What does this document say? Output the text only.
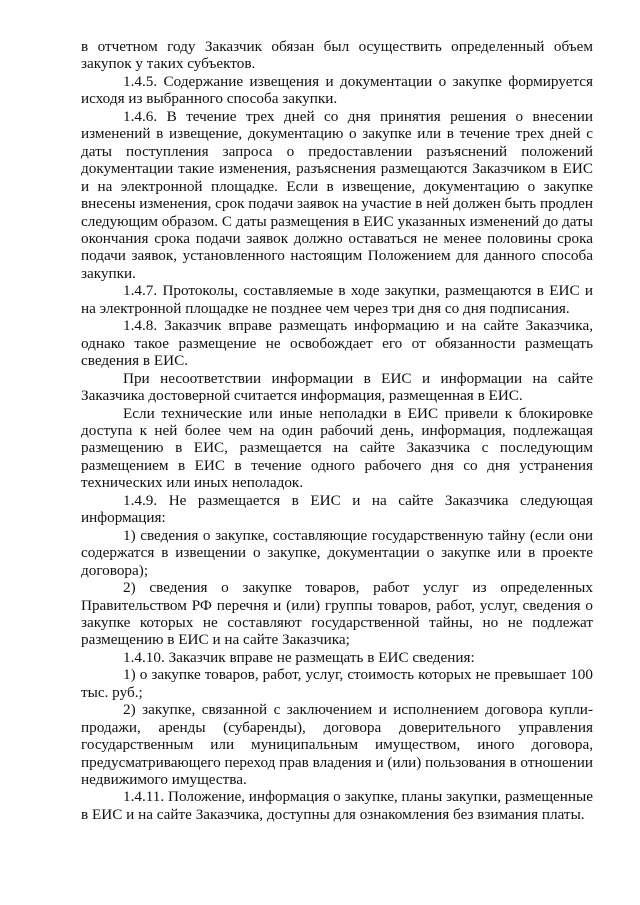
в отчетном году Заказчик обязан был осуществить определенный объем закупок у таких субъектов.

1.4.5. Содержание извещения и документации о закупке формируется исходя из выбранного способа закупки.

1.4.6. В течение трех дней со дня принятия решения о внесении изменений в извещение, документацию о закупке или в течение трех дней с даты поступления запроса о предоставлении разъяснений положений документации такие изменения, разъяснения размещаются Заказчиком в ЕИС и на электронной площадке. Если в извещение, документацию о закупке внесены изменения, срок подачи заявок на участие в ней должен быть продлен следующим образом. С даты размещения в ЕИС указанных изменений до даты окончания срока подачи заявок должно оставаться не менее половины срока подачи заявок, установленного настоящим Положением для данного способа закупки.

1.4.7. Протоколы, составляемые в ходе закупки, размещаются в ЕИС и на электронной площадке не позднее чем через три дня со дня подписания.

1.4.8. Заказчик вправе размещать информацию и на сайте Заказчика, однако такое размещение не освобождает его от обязанности размещать сведения в ЕИС.

При несоответствии информации в ЕИС и информации на сайте Заказчика достоверной считается информация, размещенная в ЕИС.

Если технические или иные неполадки в ЕИС привели к блокировке доступа к ней более чем на один рабочий день, информация, подлежащая размещению в ЕИС, размещается на сайте Заказчика с последующим размещением в ЕИС в течение одного рабочего дня со дня устранения технических или иных неполадок.

1.4.9. Не размещается в ЕИС и на сайте Заказчика следующая информация:

1) сведения о закупке, составляющие государственную тайну (если они содержатся в извещении о закупке, документации о закупке или в проекте договора);

2) сведения о закупке товаров, работ услуг из определенных Правительством РФ перечня и (или) группы товаров, работ, услуг, сведения о закупке которых не составляют государственной тайны, но не подлежат размещению в ЕИС и на сайте Заказчика;

1.4.10. Заказчик вправе не размещать в ЕИС сведения:

1) о закупке товаров, работ, услуг, стоимость которых не превышает 100 тыс. руб.;

2) закупке, связанной с заключением и исполнением договора купли-продажи, аренды (субаренды), договора доверительного управления государственным или муниципальным имуществом, иного договора, предусматривающего переход прав владения и (или) пользования в отношении недвижимого имущества.

1.4.11. Положение, информация о закупке, планы закупки, размещенные в ЕИС и на сайте Заказчика, доступны для ознакомления без взимания платы.
